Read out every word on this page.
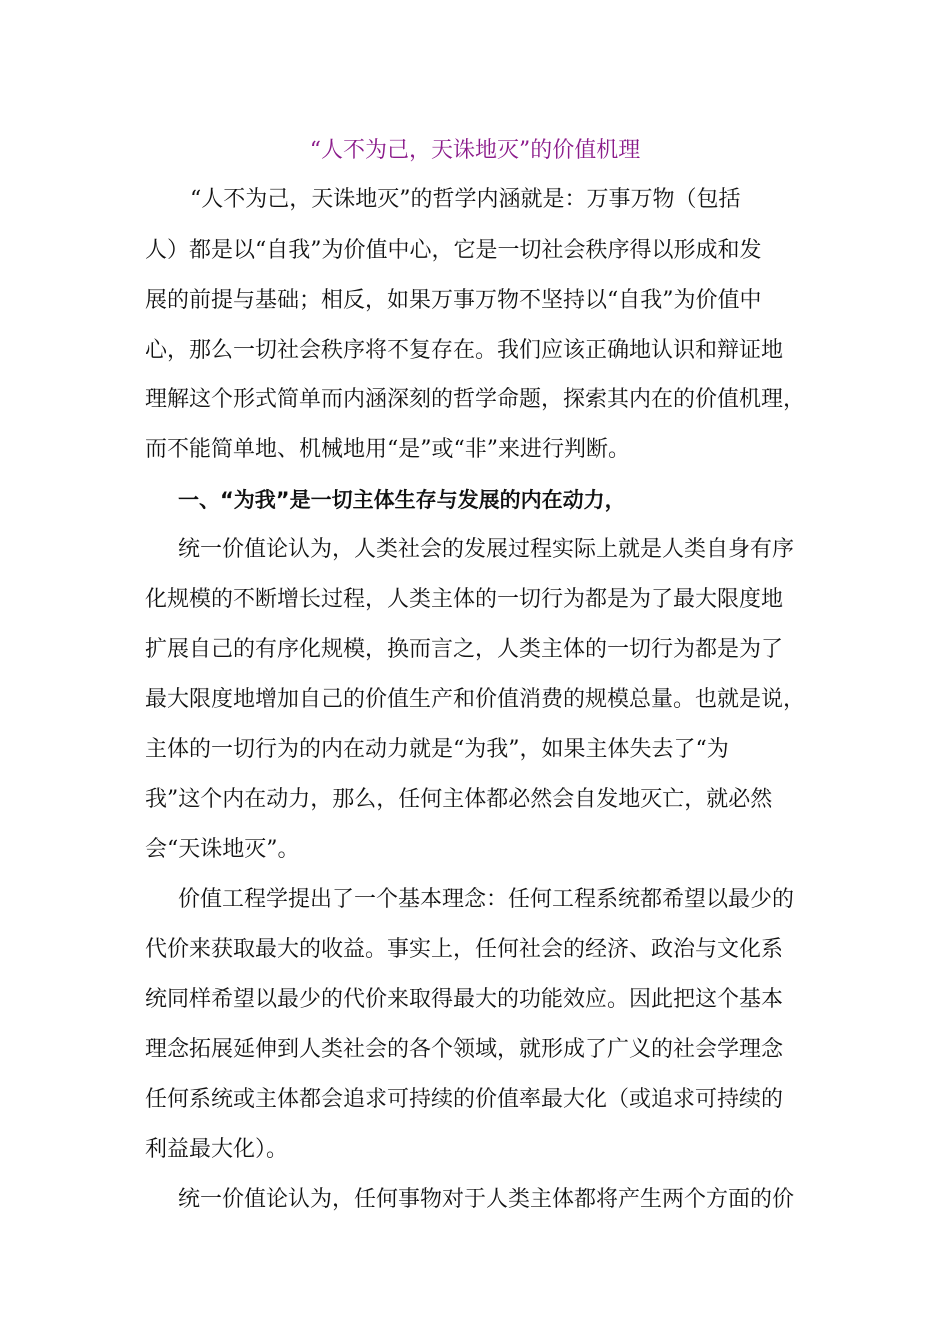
“人不为己，天诛地灭”的价值机理
“人不为己，天诛地灭”的哲学内涵就是：万事万物（包括
人）都是以“自我”为价值中心，它是一切社会秩序得以形成和发
展的前提与基础；相反，如果万事万物不坚持以“自我”为价值中
心，那么一切社会秩序将不复存在。我们应该正确地认识和辩证地
理解这个形式简单而内涵深刻的哲学命题，探索其内在的价值机理，
而不能简单地、机械地用“是”或“非”来进行判断。
一、“为我”是一切主体生存与发展的内在动力，
统一价值论认为，人类社会的发展过程实际上就是人类自身有序
化规模的不断增长过程，人类主体的一切行为都是为了最大限度地
扩展自己的有序化规模，换而言之，人类主体的一切行为都是为了
最大限度地增加自己的价值生产和价值消费的规模总量。也就是说，
主体的一切行为的内在动力就是“为我”，如果主体失去了“为
我”这个内在动力，那么，任何主体都必然会自发地灭亡，就必然
会“天诛地灭”。
价值工程学提出了一个基本理念：任何工程系统都希望以最少的
代价来获取最大的收益。事实上，任何社会的经济、政治与文化系
统同样希望以最少的代价来取得最大的功能效应。因此把这个基本
理念拓展延伸到人类社会的各个领域，就形成了广义的社会学理念
任何系统或主体都会追求可持续的价值率最大化（或追求可持续的
利益最大化）。
统一价值论认为，任何事物对于人类主体都将产生两个方面的价
